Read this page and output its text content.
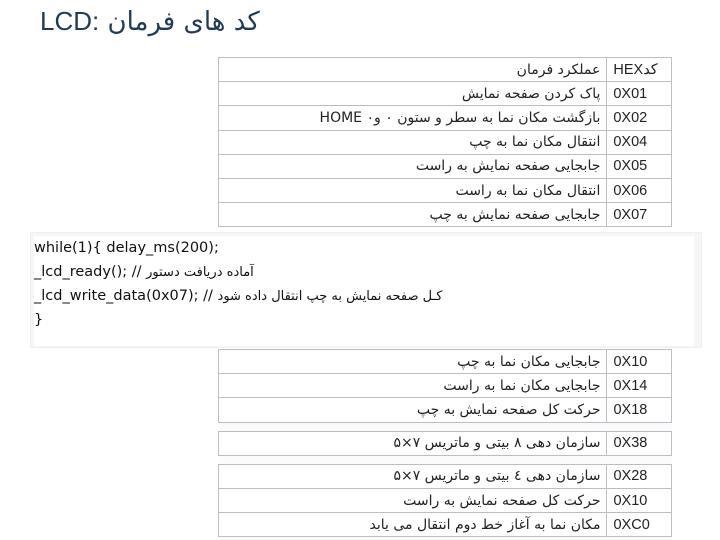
کد های فرمان :LCD
HEXکد	عملکرد فرمان
0X01	پاک کردن صفحه نمایش
0X02	بازگشت مکان نما به سطر و ستون ۰ و۰ HOME
0X04	انتقال مکان نما به چپ
0X05	جابجایی صفحه نمایش به راست
0X06	انتقال مکان نما به راست
0X07	جابجایی صفحه نمایش به چپ
while(1){ delay_ms(200);
_lcd_ready(); // آماده دریافت دستور
_lcd_write_data(0x07); // کـل صفحه نمایش به چپ انتقال داده شود
}
0X10	جابجایی مکان نما به چپ
0X14	جابجایی مکان نما به راست
0X18	حرکت کل صفحه نمایش به چپ

0X38	سازمان دهی ۸ بیتی و ماتریس ۷×۵

0X28	سازمان دهی ٤ بیتی و ماتریس ۷×۵
0X10	حرکت کل صفحه نمایش به راست
0XC0	مکان نما به آغاز خط دوم انتقال می یابد
